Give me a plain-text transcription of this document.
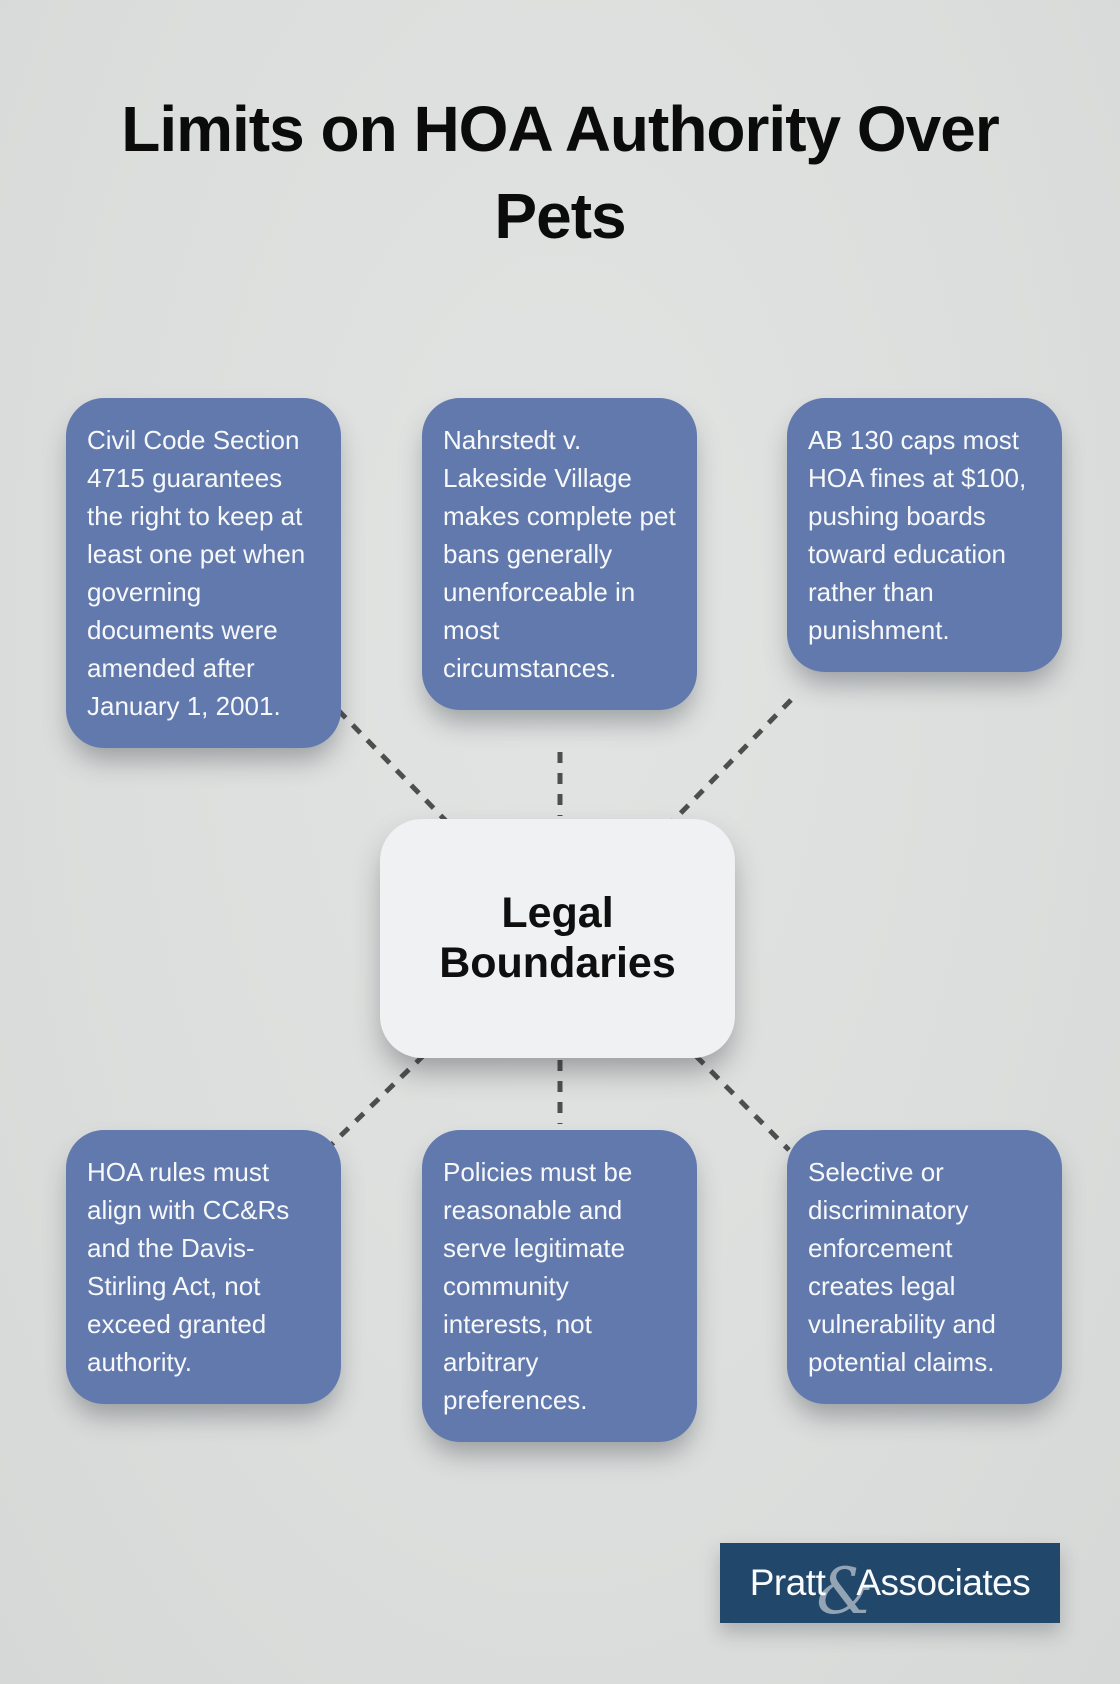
Limits on HOA Authority Over Pets
Civil Code Section 4715 guarantees the right to keep at least one pet when governing documents were amended after January 1, 2001.
Nahrstedt v. Lakeside Village makes complete pet bans generally unenforceable in most circumstances.
AB 130 caps most HOA fines at $100, pushing boards toward education rather than punishment.
Legal Boundaries
HOA rules must align with CC&Rs and the Davis-Stirling Act, not exceed granted authority.
Policies must be reasonable and serve legitimate community interests, not arbitrary preferences.
Selective or discriminatory enforcement creates legal vulnerability and potential claims.
Pratt
&
Associates
